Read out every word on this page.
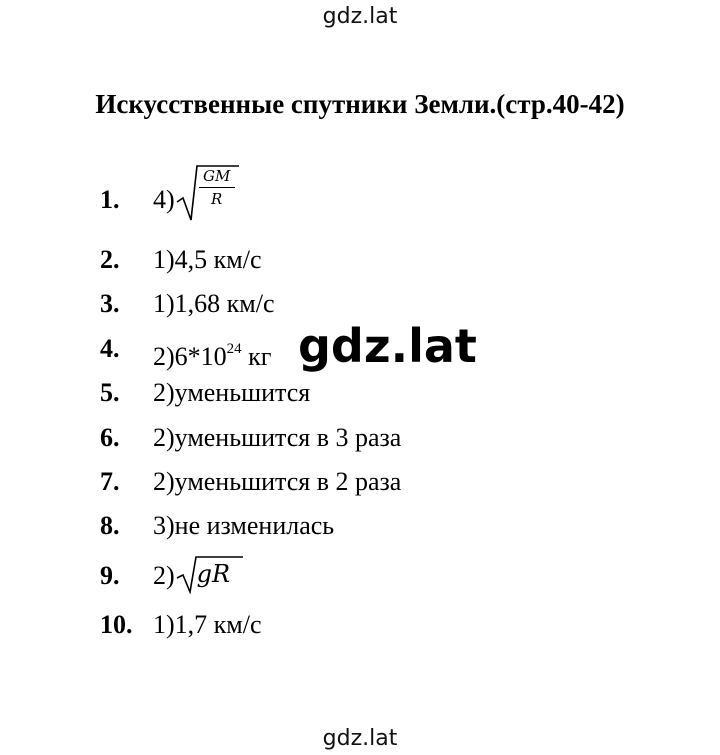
gdz.lat
Искусственные спутники Земли.(стр.40-42)
1.	4)
GM
R
2.	1)4,5 км/с
3.	1)1,68 км/с
4.	$2)6*10^{24}$ кг gdz.lat
5.	2)уменьшится
6.	2)уменьшится в 3 раза
7.	2)уменьшится в 2 раза
8.	3)не изменилась
9.	2) gR
10. 1)1,7 км/с
gdz.lat
